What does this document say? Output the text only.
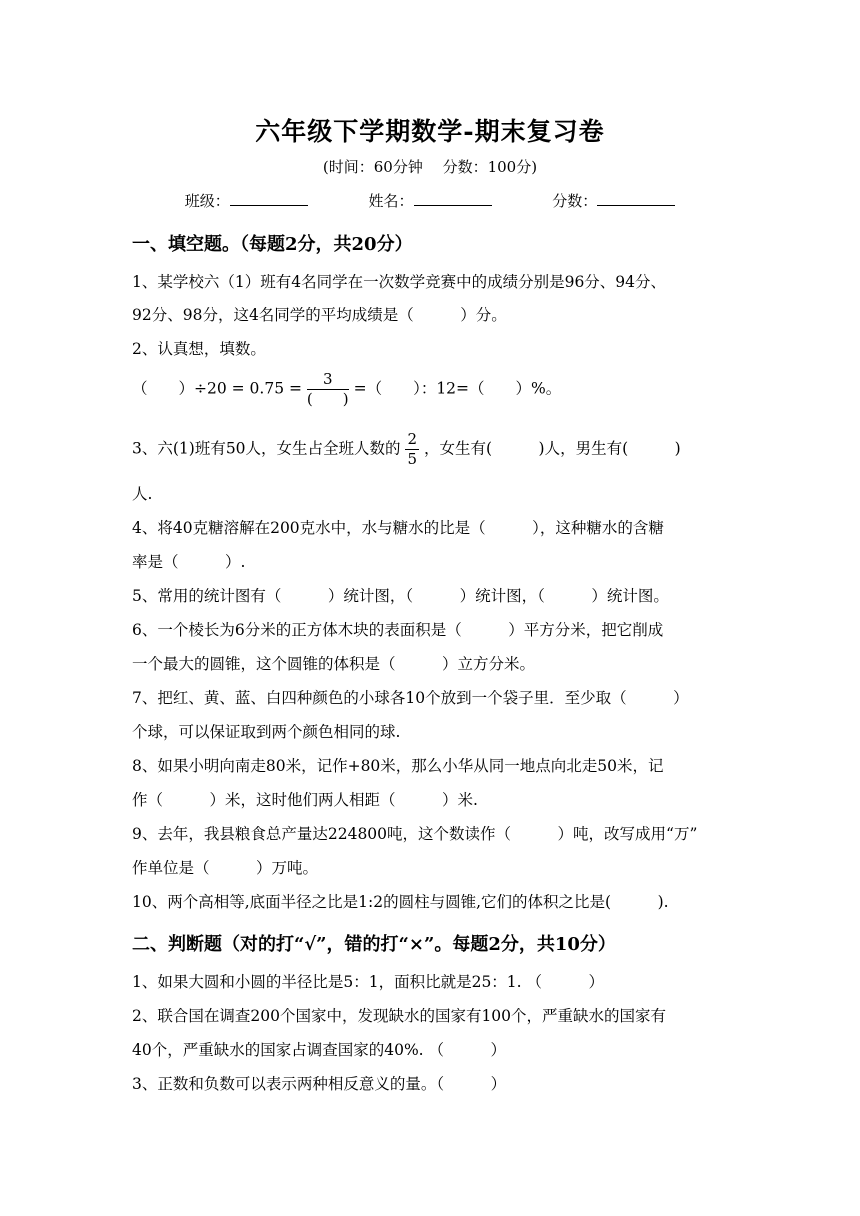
六年级下学期数学-期末复习卷
(时间：60分钟　 分数：100分)
班级：	姓名：	分数：
一、填空题。（每题2分，共20分）
1、某学校六（1）班有4名同学在一次数学竞赛中的成绩分别是96分、94分、
92分、98分，这4名同学的平均成绩是（　　　）分。
2、认真想，填数。
（　　）$\div 20 = 0.75 = \frac{3}{( )}$ =（　　）：12=（　　）%。
3、六(1)班有50人，女生占全班人数的 $\frac{2}{5}$ ，女生有(　　　)人，男生有(　　　)
人.
4、将40克糖溶解在200克水中，水与糖水的比是（　　　），这种糖水的含糖
率是（　　　）.
5、常用的统计图有（　　　）统计图，（　　　）统计图，（　　　）统计图。
6、一个棱长为6分米的正方体木块的表面积是（　　　）平方分米，把它削成
一个最大的圆锥，这个圆锥的体积是（　　　）立方分米。
7、把红、黄、蓝、白四种颜色的小球各10个放到一个袋子里．至少取（　　　）
个球，可以保证取到两个颜色相同的球.
8、如果小明向南走80米，记作+80米，那么小华从同一地点向北走50米，记
作（　　　）米，这时他们两人相距（　　　）米.
9、去年，我县粮食总产量达224800吨，这个数读作（　　　）吨，改写成用“万”
作单位是（　　　）万吨。
10、两个高相等,底面半径之比是1:2的圆柱与圆锥,它们的体积之比是(　　　).
二、判断题（对的打“√”，错的打“×”。每题2分，共10分）
1、如果大圆和小圆的半径比是5：1，面积比就是25：1. （　　　）
2、联合国在调查200个国家中，发现缺水的国家有100个，严重缺水的国家有
40个，严重缺水的国家占调查国家的40%. （　　　）
3、正数和负数可以表示两种相反意义的量。（　　　）
